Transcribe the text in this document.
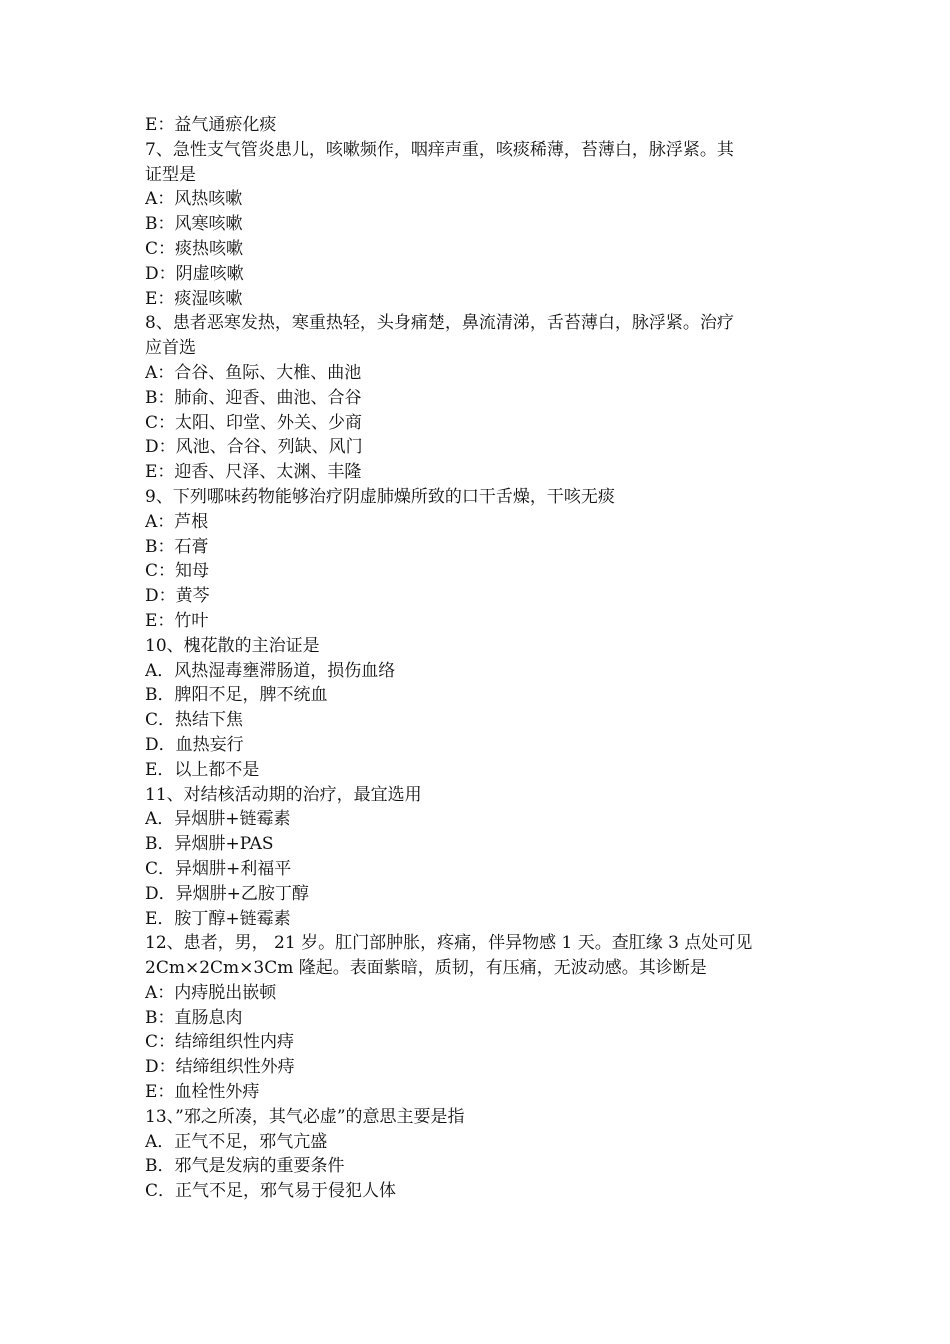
E：益气通瘀化痰

7、急性支气管炎患儿，咳嗽频作，咽痒声重，咳痰稀薄，苔薄白，脉浮紧。其

证型是

A：风热咳嗽

B：风寒咳嗽

C：痰热咳嗽

D：阴虚咳嗽

E：痰湿咳嗽

8、患者恶寒发热，寒重热轻，头身痛楚，鼻流清涕，舌苔薄白，脉浮紧。治疗

应首选

A：合谷、鱼际、大椎、曲池

B：肺俞、迎香、曲池、合谷

C：太阳、印堂、外关、少商

D：风池、合谷、列缺、风门

E：迎香、尺泽、太渊、丰隆

9、下列哪味药物能够治疗阴虚肺燥所致的口干舌燥，干咳无痰

A：芦根

B：石膏

C：知母

D：黄芩

E：竹叶

10、槐花散的主治证是

A．风热湿毒壅滞肠道，损伤血络

B．脾阳不足，脾不统血

C．热结下焦

D．血热妄行

E．以上都不是

11、对结核活动期的治疗，最宜选用

A．异烟肼+链霉素

B．异烟肼+PAS

C．异烟肼+利福平

D．异烟肼+乙胺丁醇

E．胺丁醇+链霉素

12、患者，男， 21 岁。肛门部肿胀，疼痛，伴异物感 1 天。查肛缘 3 点处可见

2Cm×2Cm×3Cm 隆起。表面紫暗，质韧，有压痛，无波动感。其诊断是

A：内痔脱出嵌顿

B：直肠息肉

C：结缔组织性内痔

D：结缔组织性外痔

E：血栓性外痔

13、”邪之所凑，其气必虚”的意思主要是指

A．正气不足，邪气亢盛

B．邪气是发病的重要条件

C．正气不足，邪气易于侵犯人体
